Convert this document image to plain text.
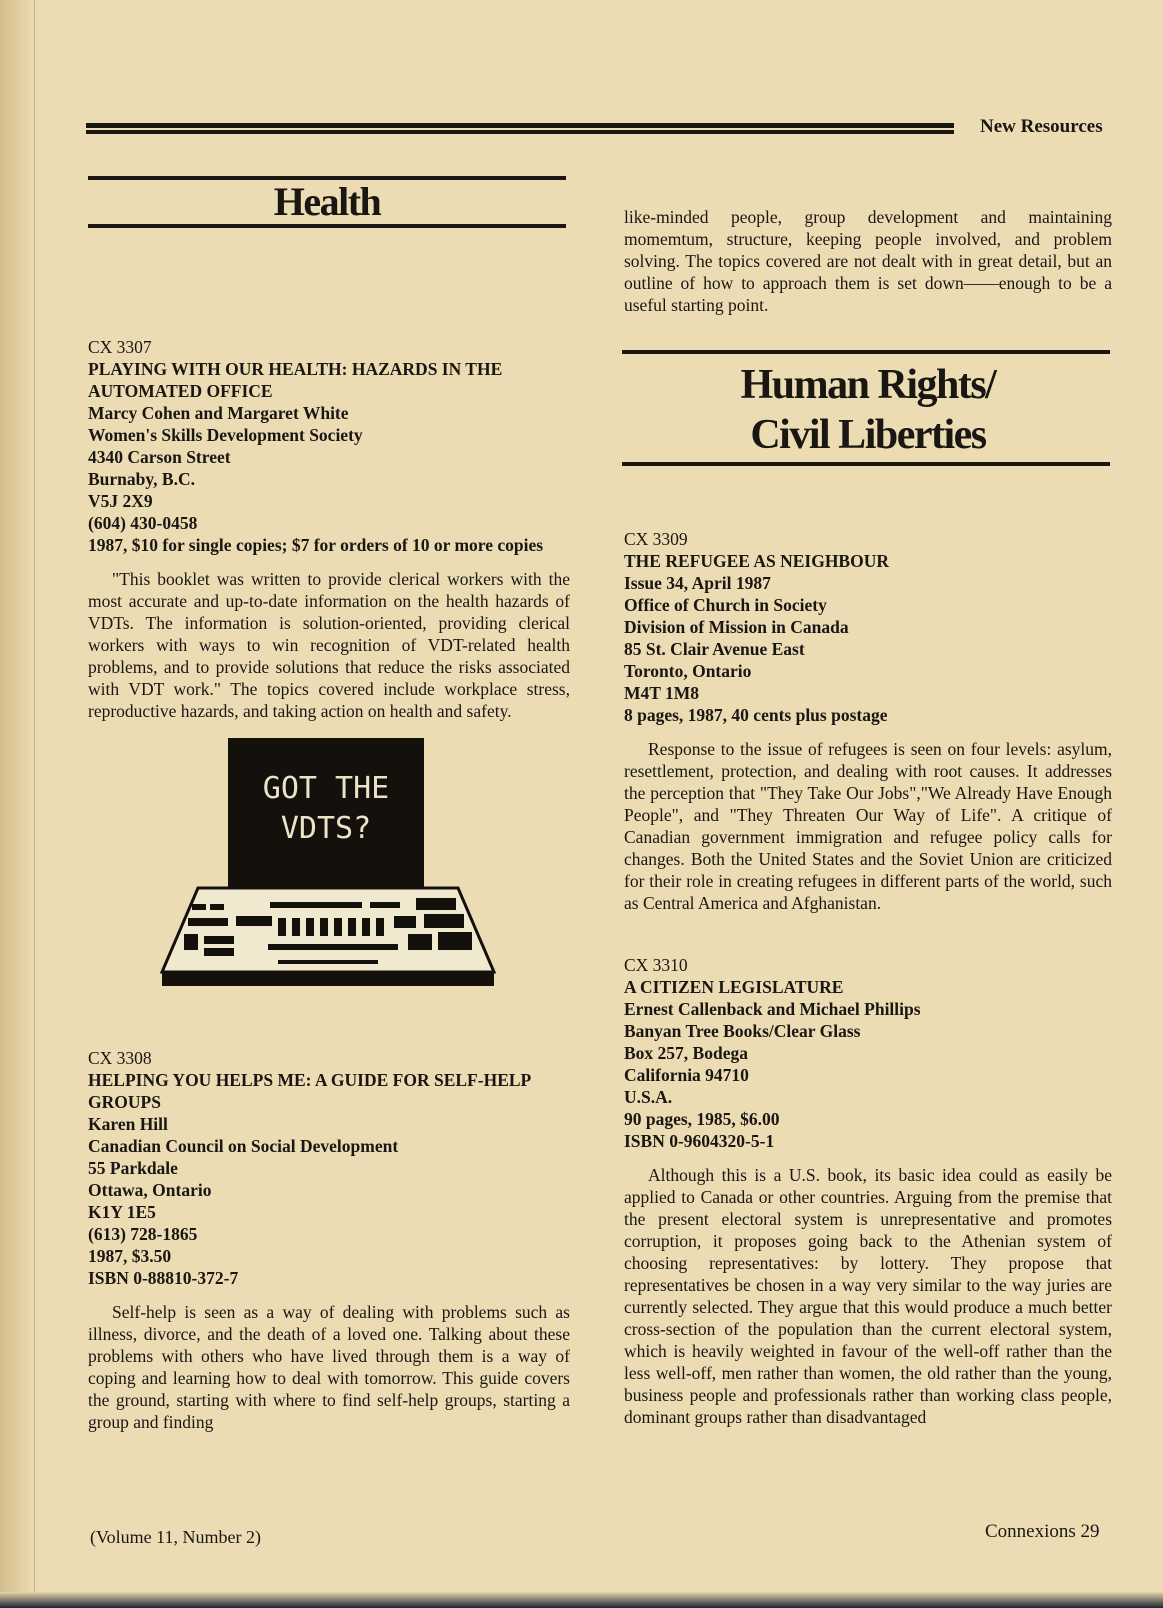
New Resources
Health
CX 3307
PLAYING WITH OUR HEALTH: HAZARDS IN THE AUTOMATED OFFICE
Marcy Cohen and Margaret White
Women's Skills Development Society
4340 Carson Street
Burnaby, B.C.
V5J 2X9
(604) 430-0458
1987, $10 for single copies; $7 for orders of 10 or more copies

"This booklet was written to provide clerical workers with the most accurate and up-to-date information on the health hazards of VDTs. The information is solution-oriented, providing clerical workers with ways to win recognition of VDT-related health problems, and to provide solutions that reduce the risks associated with VDT work." The topics covered include workplace stress, reproductive hazards, and taking action on health and safety.

GOT THE
VDTS?
CX 3308
HELPING YOU HELPS ME: A GUIDE FOR SELF-HELP GROUPS
Karen Hill
Canadian Council on Social Development
55 Parkdale
Ottawa, Ontario
K1Y 1E5
(613) 728-1865
1987, $3.50
ISBN 0-88810-372-7

Self-help is seen as a way of dealing with problems such as illness, divorce, and the death of a loved one. Talking about these problems with others who have lived through them is a way of coping and learning how to deal with tomorrow. This guide covers the ground, starting with where to find self-help groups, starting a group and finding

like-minded people, group development and maintaining momemtum, structure, keeping people involved, and problem solving. The topics covered are not dealt with in great detail, but an outline of how to approach them is set down——enough to be a useful starting point.

Human Rights/
Civil Liberties
CX 3309
THE REFUGEE AS NEIGHBOUR
Issue 34, April 1987
Office of Church in Society
Division of Mission in Canada
85 St. Clair Avenue East
Toronto, Ontario
M4T 1M8
8 pages, 1987, 40 cents plus postage

Response to the issue of refugees is seen on four levels: asylum, resettlement, protection, and dealing with root causes. It addresses the perception that "They Take Our Jobs","We Already Have Enough People", and "They Threaten Our Way of Life". A critique of Canadian government immigration and refugee policy calls for changes. Both the United States and the Soviet Union are criticized for their role in creating refugees in different parts of the world, such as Central America and Afghanistan.

CX 3310
A CITIZEN LEGISLATURE
Ernest Callenback and Michael Phillips
Banyan Tree Books/Clear Glass
Box 257, Bodega
California 94710
U.S.A.
90 pages, 1985, $6.00
ISBN 0-9604320-5-1

Although this is a U.S. book, its basic idea could as easily be applied to Canada or other countries. Arguing from the premise that the present electoral system is unrepresentative and promotes corruption, it proposes going back to the Athenian system of choosing representatives: by lottery. They propose that representatives be chosen in a way very similar to the way juries are currently selected. They argue that this would produce a much better cross-section of the population than the current electoral system, which is heavily weighted in favour of the well-off rather than the less well-off, men rather than women, the old rather than the young, business people and professionals rather than working class people, dominant groups rather than disadvantaged

(Volume 11, Number 2)	Connexions 29
